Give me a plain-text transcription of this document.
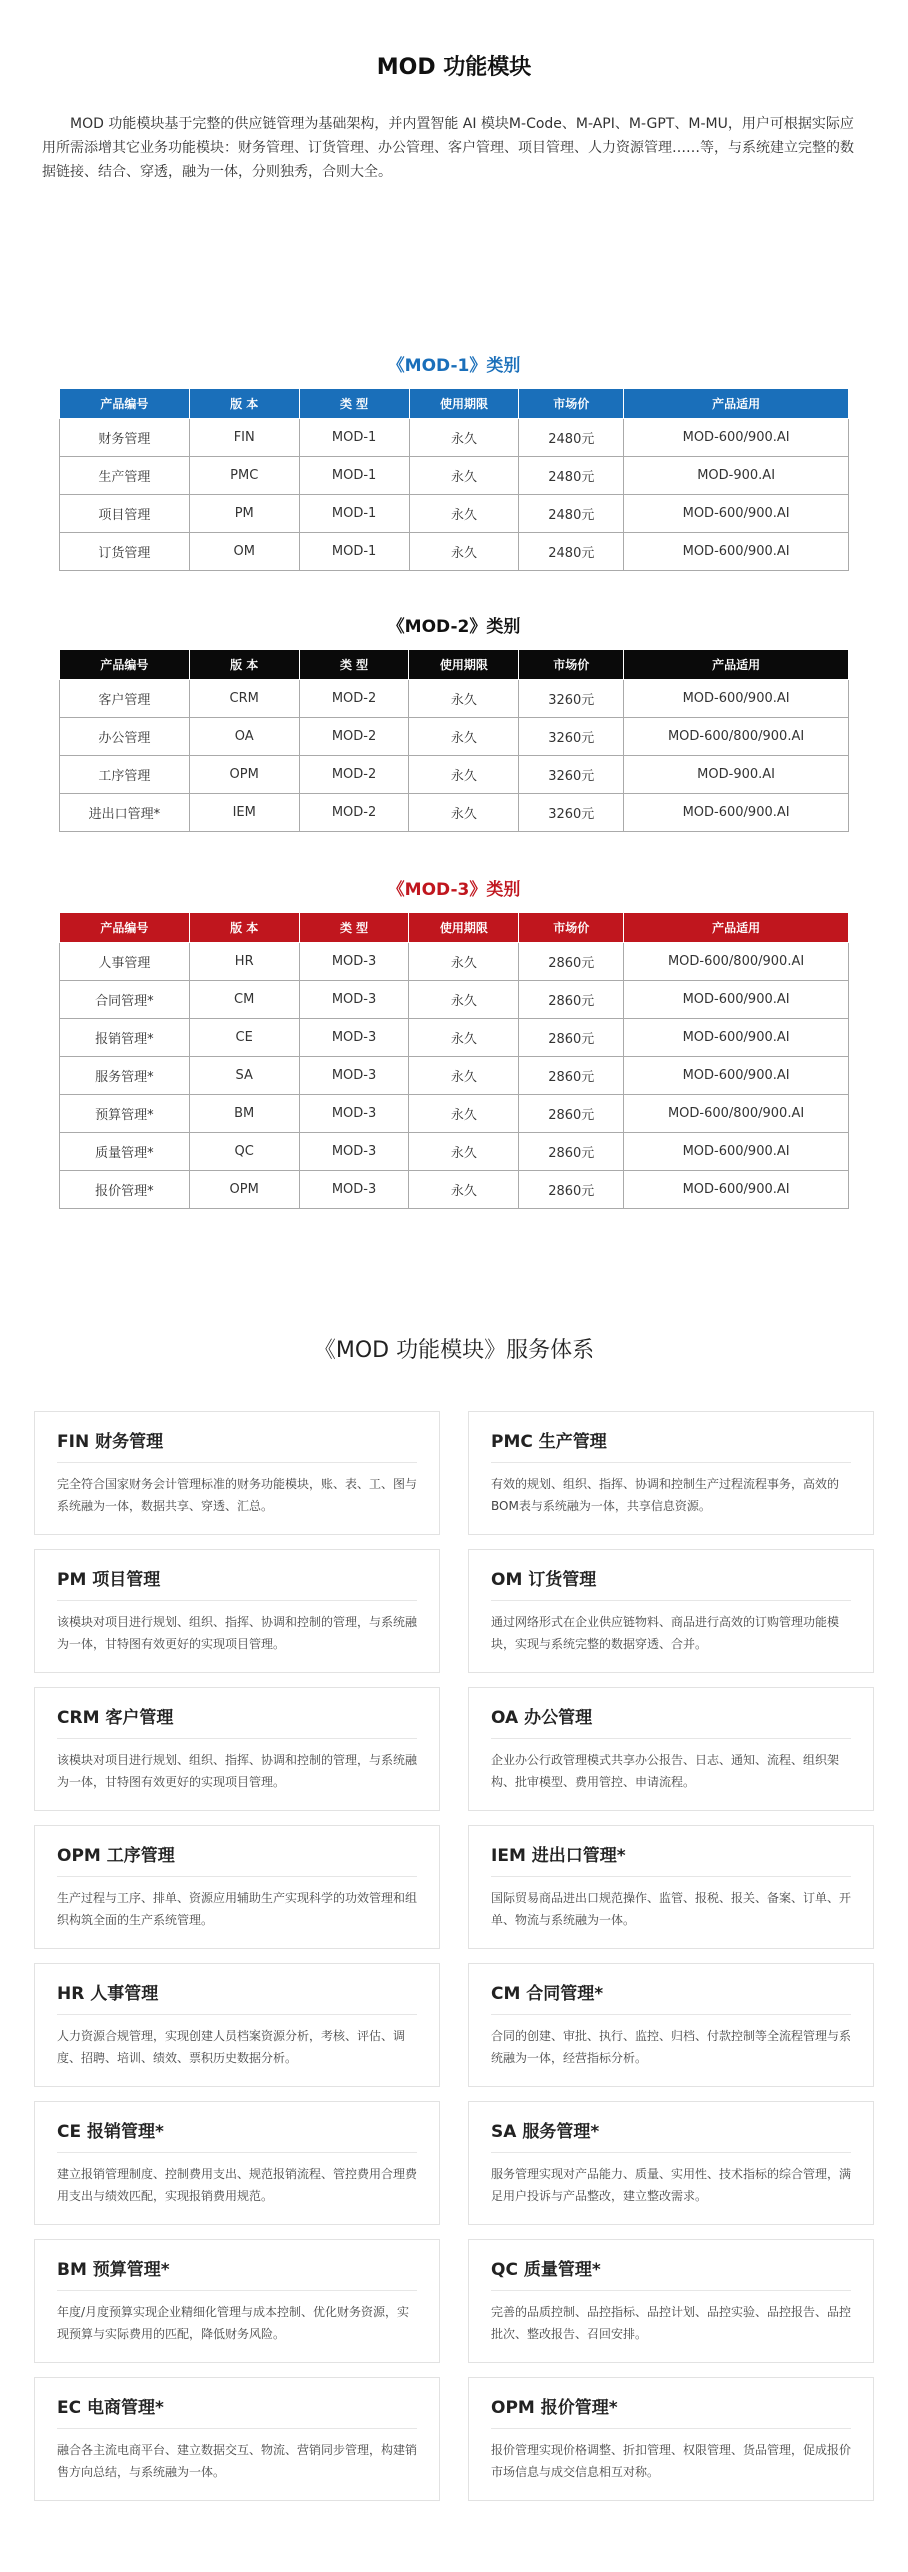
MOD 功能模块

MOD 功能模块基于完整的供应链管理为基础架构，并内置智能 AI 模块M-Code、M-API、M-GPT、M-MU，用户可根据实际应用所需添增其它业务功能模块：财务管理、订货管理、办公管理、客户管理、项目管理、人力资源管理……等，与系统建立完整的数据链接、结合、穿透，融为一体，分则独秀，合则大全。

《MOD-1》类别
产品编号	版 本	类 型	使用期限	市场价	产品适用
财务管理	FIN	MOD-1	永久	2480元	MOD-600/900.AI
生产管理	PMC	MOD-1	永久	2480元	MOD-900.AI
项目管理	PM	MOD-1	永久	2480元	MOD-600/900.AI
订货管理	OM	MOD-1	永久	2480元	MOD-600/900.AI
《MOD-2》类别
产品编号	版 本	类 型	使用期限	市场价	产品适用
客户管理	CRM	MOD-2	永久	3260元	MOD-600/900.AI
办公管理	OA	MOD-2	永久	3260元	MOD-600/800/900.AI
工序管理	OPM	MOD-2	永久	3260元	MOD-900.AI
进出口管理*	IEM	MOD-2	永久	3260元	MOD-600/900.AI
《MOD-3》类别
产品编号	版 本	类 型	使用期限	市场价	产品适用
人事管理	HR	MOD-3	永久	2860元	MOD-600/800/900.AI
合同管理*	CM	MOD-3	永久	2860元	MOD-600/900.AI
报销管理*	CE	MOD-3	永久	2860元	MOD-600/900.AI
服务管理*	SA	MOD-3	永久	2860元	MOD-600/900.AI
预算管理*	BM	MOD-3	永久	2860元	MOD-600/800/900.AI
质量管理*	QC	MOD-3	永久	2860元	MOD-600/900.AI
报价管理*	OPM	MOD-3	永久	2860元	MOD-600/900.AI
《MOD 功能模块》服务体系
FIN 财务管理
完全符合国家财务会计管理标准的财务功能模块，账、表、工、图与系统融为一体，数据共享、穿透、汇总。
PMC 生产管理
有效的规划、组织、指挥、协调和控制生产过程流程事务，高效的BOM表与系统融为一体，共享信息资源。
PM 项目管理
该模块对项目进行规划、组织、指挥、协调和控制的管理，与系统融为一体，甘特图有效更好的实现项目管理。
OM 订货管理
通过网络形式在企业供应链物料、商品进行高效的订购管理功能模块，实现与系统完整的数据穿透、合并。
CRM 客户管理
该模块对项目进行规划、组织、指挥、协调和控制的管理，与系统融为一体，甘特图有效更好的实现项目管理。
OA 办公管理
企业办公行政管理模式共享办公报告、日志、通知、流程、组织架构、批审模型、费用管控、申请流程。
OPM 工序管理
生产过程与工序、排单、资源应用辅助生产实现科学的功效管理和组织构筑全面的生产系统管理。
IEM 进出口管理*
国际贸易商品进出口规范操作、监管、报税、报关、备案、订单、开单、物流与系统融为一体。
HR 人事管理
人力资源合规管理，实现创建人员档案资源分析，考核、评估、调度、招聘、培训、绩效、票积历史数据分析。
CM 合同管理*
合同的创建、审批、执行、监控、归档、付款控制等全流程管理与系统融为一体，经营指标分析。
CE 报销管理*
建立报销管理制度、控制费用支出、规范报销流程、管控费用合理费用支出与绩效匹配，实现报销费用规范。
SA 服务管理*
服务管理实现对产品能力、质量、实用性、技术指标的综合管理，满足用户投诉与产品整改，建立整改需求。
BM 预算管理*
年度/月度预算实现企业精细化管理与成本控制、优化财务资源，实现预算与实际费用的匹配，降低财务风险。
QC 质量管理*
完善的品质控制、品控指标、品控计划、品控实验、品控报告、品控批次、整改报告、召回安排。
EC 电商管理*
融合各主流电商平台、建立数据交互、物流、营销同步管理，构建销售方向总结，与系统融为一体。
OPM 报价管理*
报价管理实现价格调整、折扣管理、权限管理、货品管理，促成报价市场信息与成交信息相互对称。
